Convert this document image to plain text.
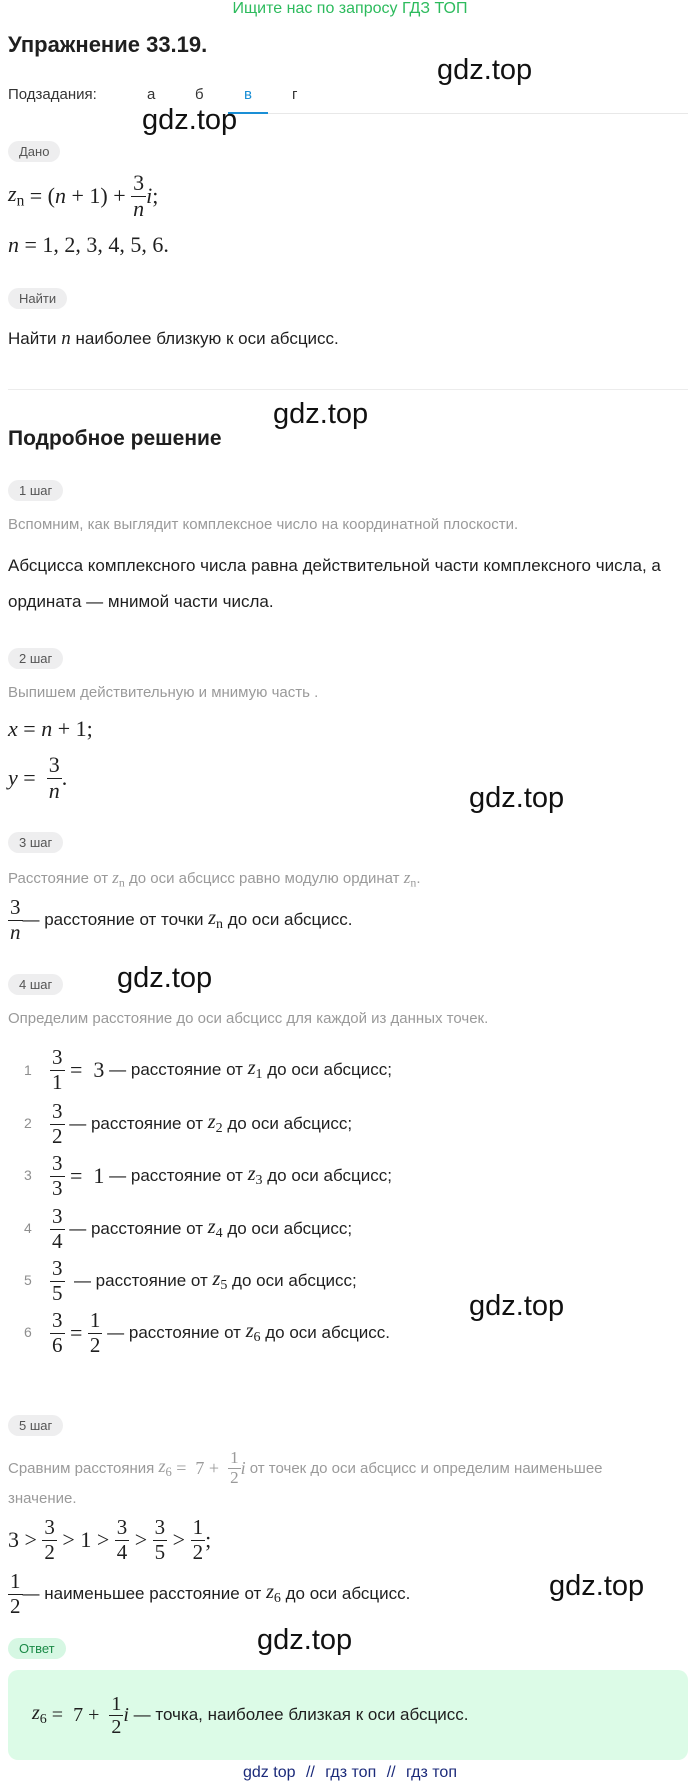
Ищите нас по запросу ГДЗ ТОП
Упражнение 33.19.
Подзадания:	а	б	в	г
gdz.top
gdz.top
gdz.top
gdz.top
gdz.top
gdz.top
gdz.top
gdz.top
Дано
$z_n$ = ( $n + 1) + \frac{3}{n}$ i ;
n = 1, 2, 3, 4, 5, 6.
Найти
Найти n наиболее близкую к оси абсцисс.
Подробное решение
1 шаг
Вспомним, как выглядит комплексное число на координатной плоскости.
Абсцисса комплексного числа равна действительной части комплексного числа, а ордината — мнимой части числа.
2 шаг
Выпишем действительную и мнимую часть .
x = n + 1;
$y = \frac{3}{n}$ .
3 шаг
Расстояние от $z_n$ до оси абсцисс равно модулю ординат $z_n$.
$\frac{3}{n}$ — расстояние от точки
$z_n$
до оси абсцисс.
4 шаг
Определим расстояние до оси абсцисс для каждой из данных точек.
$1 \frac{3}{1} = 3$
— расстояние от
$z_1$
до оси абсцисс;
$2 \frac{3}{2}$
— расстояние от
$z_2$
до оси абсцисс;
$3 \frac{3}{3} = 1$
— расстояние от
$z_3$
до оси абсцисс;
$4 \frac{3}{4}$
— расстояние от
$z_4$
до оси абсцисс;
$5 \frac{3}{5}$
— расстояние от
$z_5$
до оси абсцисс;
$6 \frac{3}{6} = \frac{1}{2}$
— расстояние от
$z_6$
до оси абсцисс.
5 шаг
Сравним расстояния
$z_6 = 7 + \frac{1}{2}$ i
от точек до оси абсцисс и определим наименьшее
значение.
$3 > \frac{3}{2} > 1 > \frac{3}{4} > \frac{3}{5} > \frac{1}{2}$ ;
$\frac{1}{2}$ — наименьшее расстояние от
$z_6$
до оси абсцисс.
Ответ
$z_6 = 7 + \frac{1}{2}$ i
— точка, наиболее близкая к оси абсцисс.
gdz top // гдз топ // гдз топ
